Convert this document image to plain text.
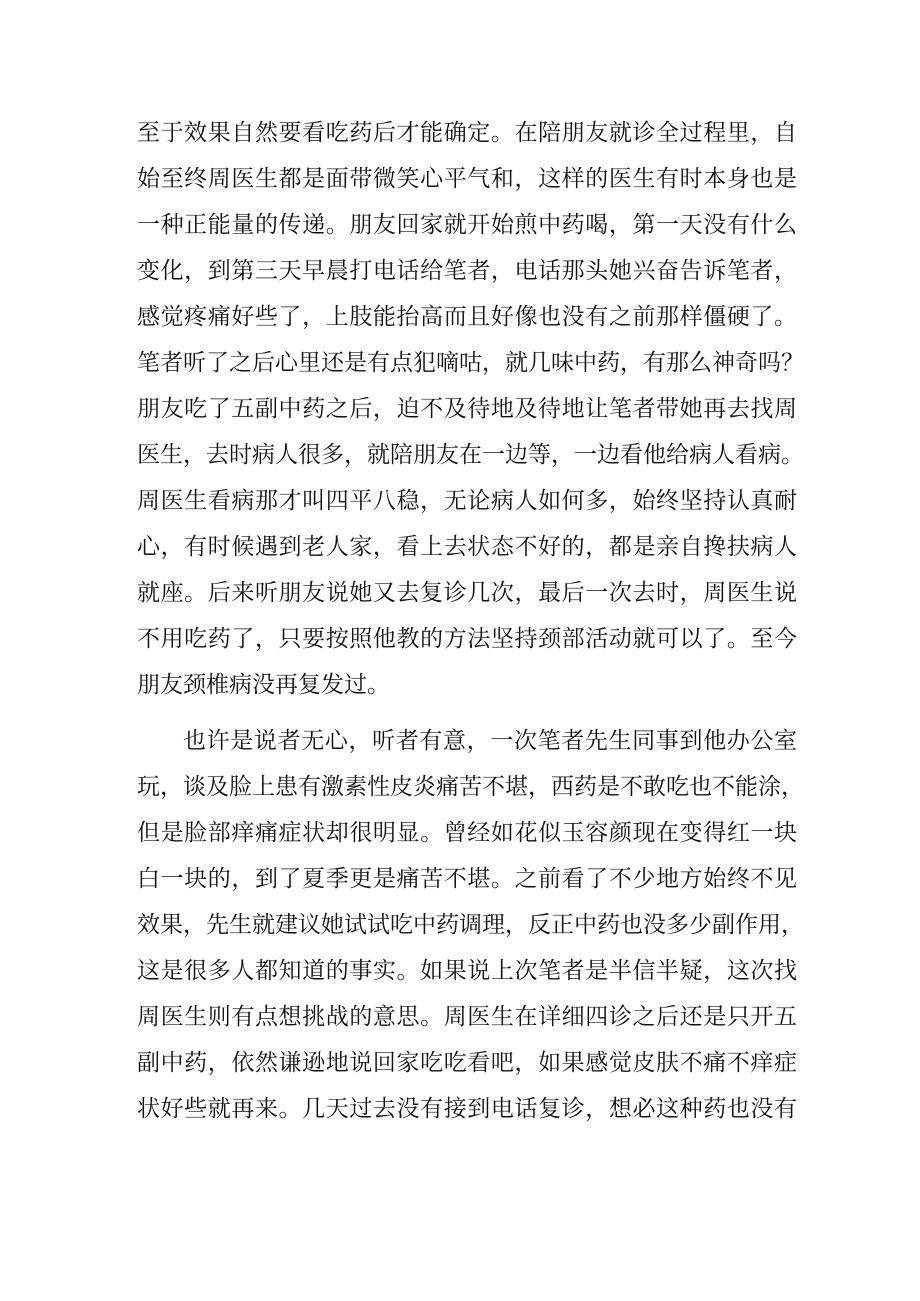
至于效果自然要看吃药后才能确定。在陪朋友就诊全过程里，自
始至终周医生都是面带微笑心平气和，这样的医生有时本身也是
一种正能量的传递。朋友回家就开始煎中药喝，第一天没有什么
变化，到第三天早晨打电话给笔者，电话那头她兴奋告诉笔者，
感觉疼痛好些了，上肢能抬高而且好像也没有之前那样僵硬了。
笔者听了之后心里还是有点犯嘀咕，就几味中药，有那么神奇吗？
朋友吃了五副中药之后，迫不及待地及待地让笔者带她再去找周
医生，去时病人很多，就陪朋友在一边等，一边看他给病人看病。
周医生看病那才叫四平八稳，无论病人如何多，始终坚持认真耐
心，有时候遇到老人家，看上去状态不好的，都是亲自搀扶病人
就座。后来听朋友说她又去复诊几次，最后一次去时，周医生说
不用吃药了，只要按照他教的方法坚持颈部活动就可以了。至今
朋友颈椎病没再复发过。
也许是说者无心，听者有意，一次笔者先生同事到他办公室
玩，谈及脸上患有激素性皮炎痛苦不堪，西药是不敢吃也不能涂，
但是脸部痒痛症状却很明显。曾经如花似玉容颜现在变得红一块
白一块的，到了夏季更是痛苦不堪。之前看了不少地方始终不见
效果，先生就建议她试试吃中药调理，反正中药也没多少副作用，
这是很多人都知道的事实。如果说上次笔者是半信半疑，这次找
周医生则有点想挑战的意思。周医生在详细四诊之后还是只开五
副中药，依然谦逊地说回家吃吃看吧，如果感觉皮肤不痛不痒症
状好些就再来。几天过去没有接到电话复诊，想必这种药也没有
